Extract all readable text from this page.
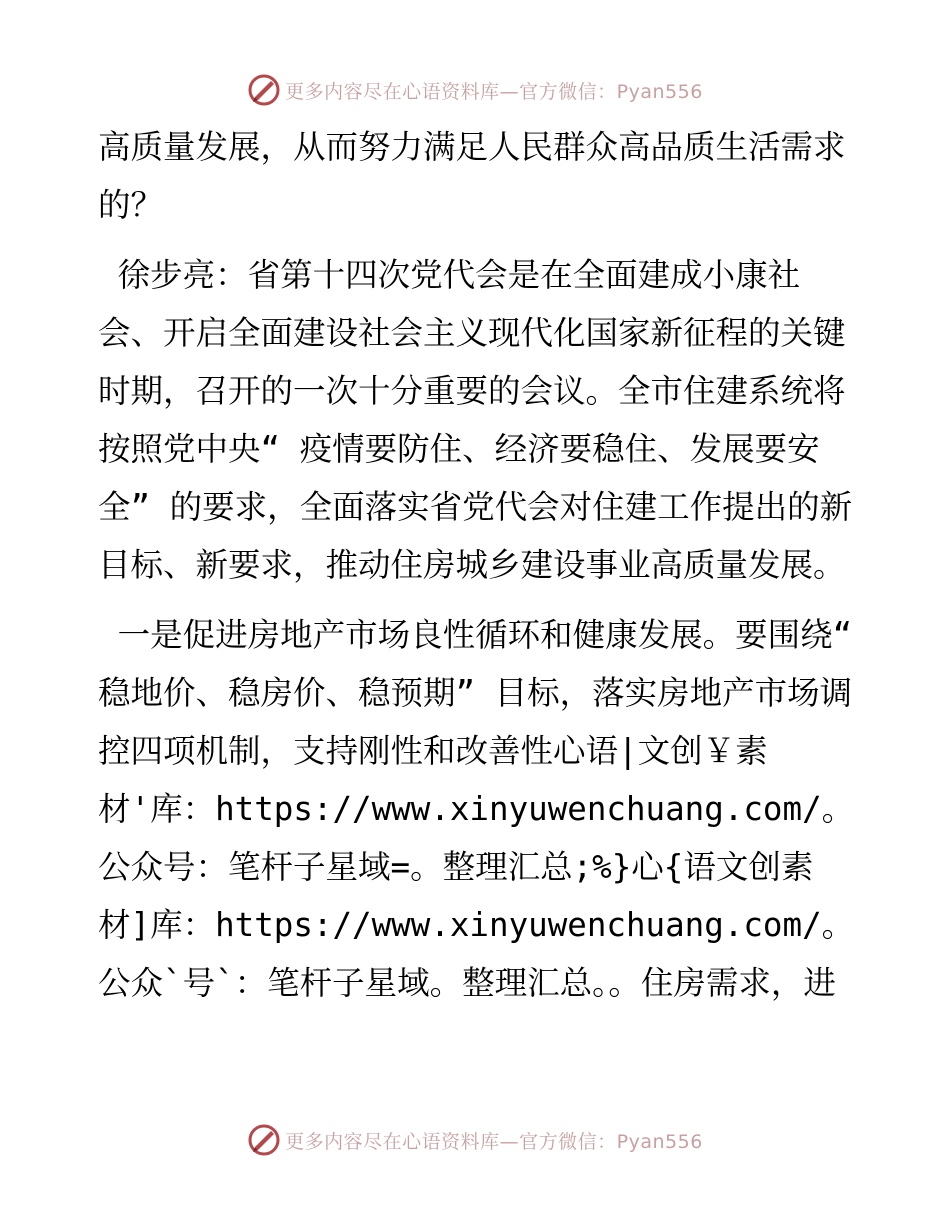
更多内容尽在心语资料库—官方微信：Pyan556

高质量发展，从而努力满足人民群众高品质生活需求的？

徐步亮：省第十四次党代会是在全面建成小康社会、开启全面建设社会主义现代化国家新征程的关键时期，召开的一次十分重要的会议。全市住建系统将按照党中央“ 疫情要防住、经济要稳住、发展要安全” 的要求，全面落实省党代会对住建工作提出的新目标、新要求，推动住房城乡建设事业高质量发展。

一是促进房地产市场良性循环和健康发展。要围绕“ 稳地价、稳房价、稳预期” 目标，落实房地产市场调控四项机制，支持刚性和改善性心语|文创￥素材'库：https://www.xinyuwenchuang.com/。公众号：笔杆子星域=。整理汇总;%}心{语文创素材]库：https://www.xinyuwenchuang.com/。公众`号`：笔杆子星域。整理汇总。。住房需求，进

更多内容尽在心语资料库—官方微信：Pyan556
